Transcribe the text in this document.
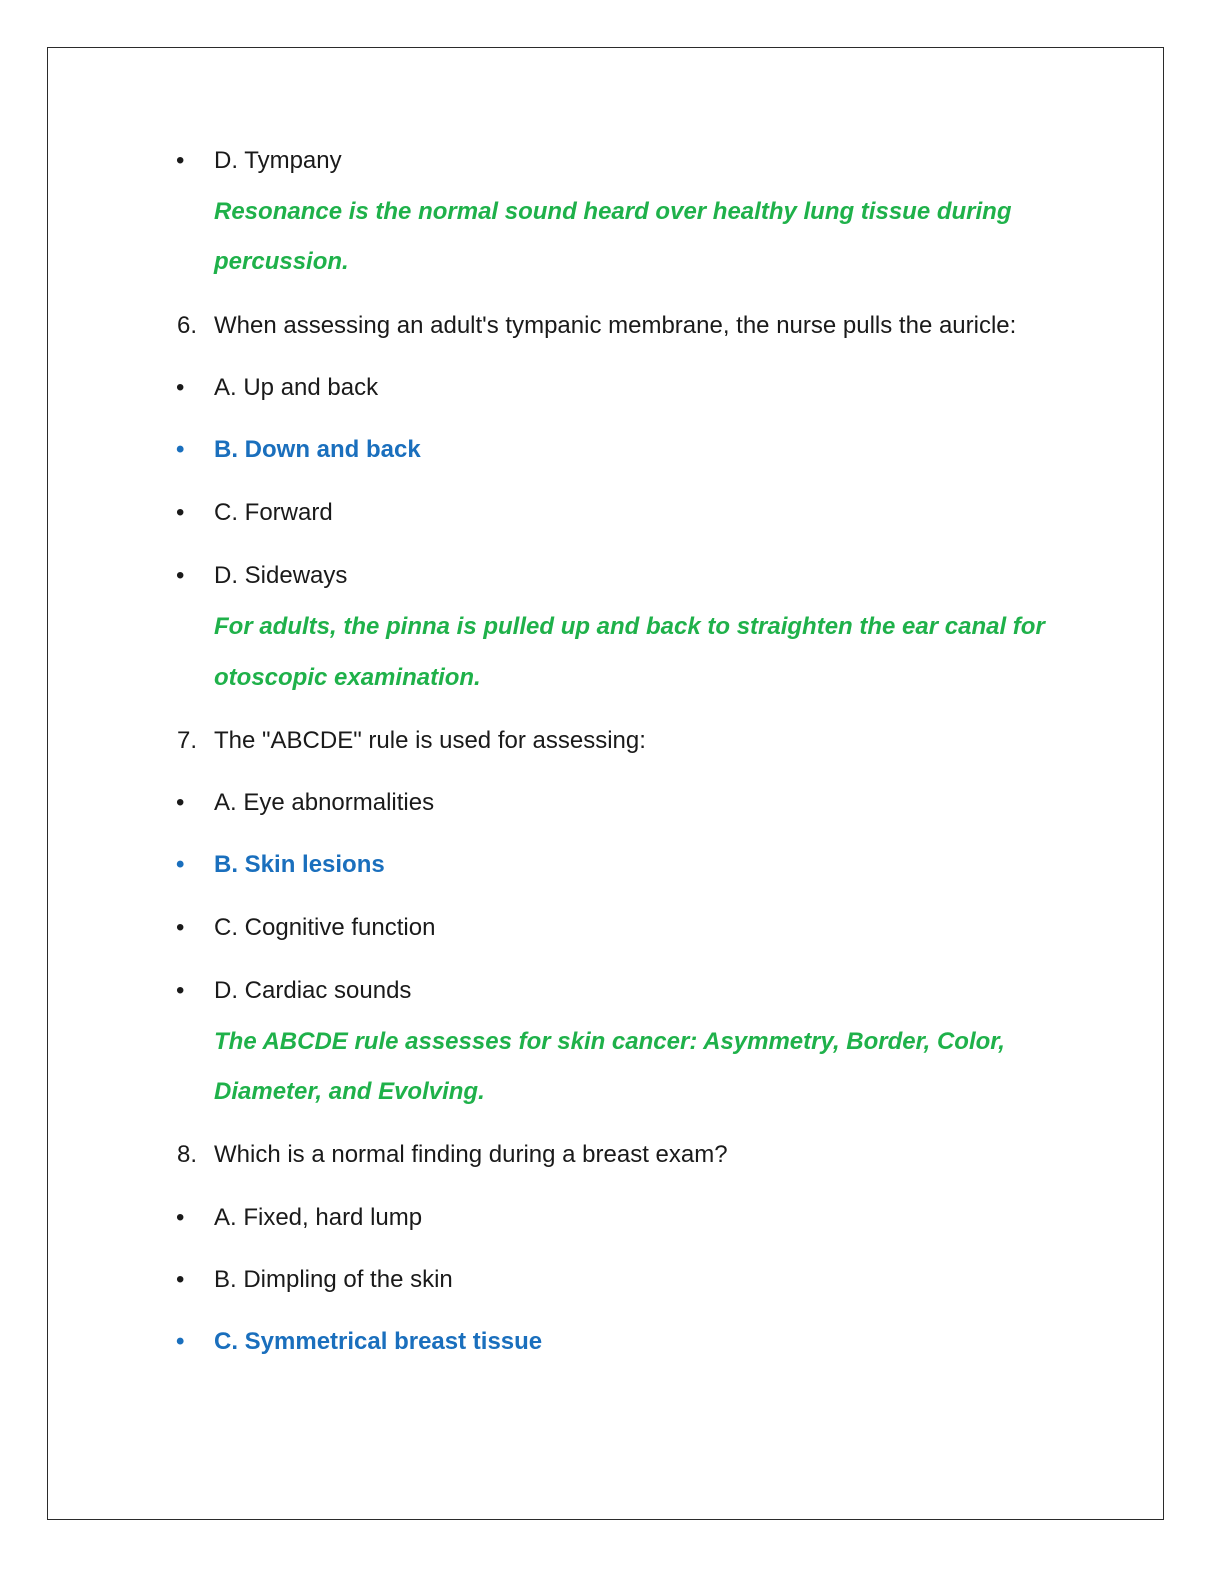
• D. Tympany
Resonance is the normal sound heard over healthy lung tissue during
percussion.
6. When assessing an adult's tympanic membrane, the nurse pulls the auricle:
• A. Up and back
• B. Down and back
• C. Forward
• D. Sideways
For adults, the pinna is pulled up and back to straighten the ear canal for
otoscopic examination.
7. The "ABCDE" rule is used for assessing:
• A. Eye abnormalities
• B. Skin lesions
• C. Cognitive function
• D. Cardiac sounds
The ABCDE rule assesses for skin cancer: Asymmetry, Border, Color,
Diameter, and Evolving.
8. Which is a normal finding during a breast exam?
• A. Fixed, hard lump
• B. Dimpling of the skin
• C. Symmetrical breast tissue
